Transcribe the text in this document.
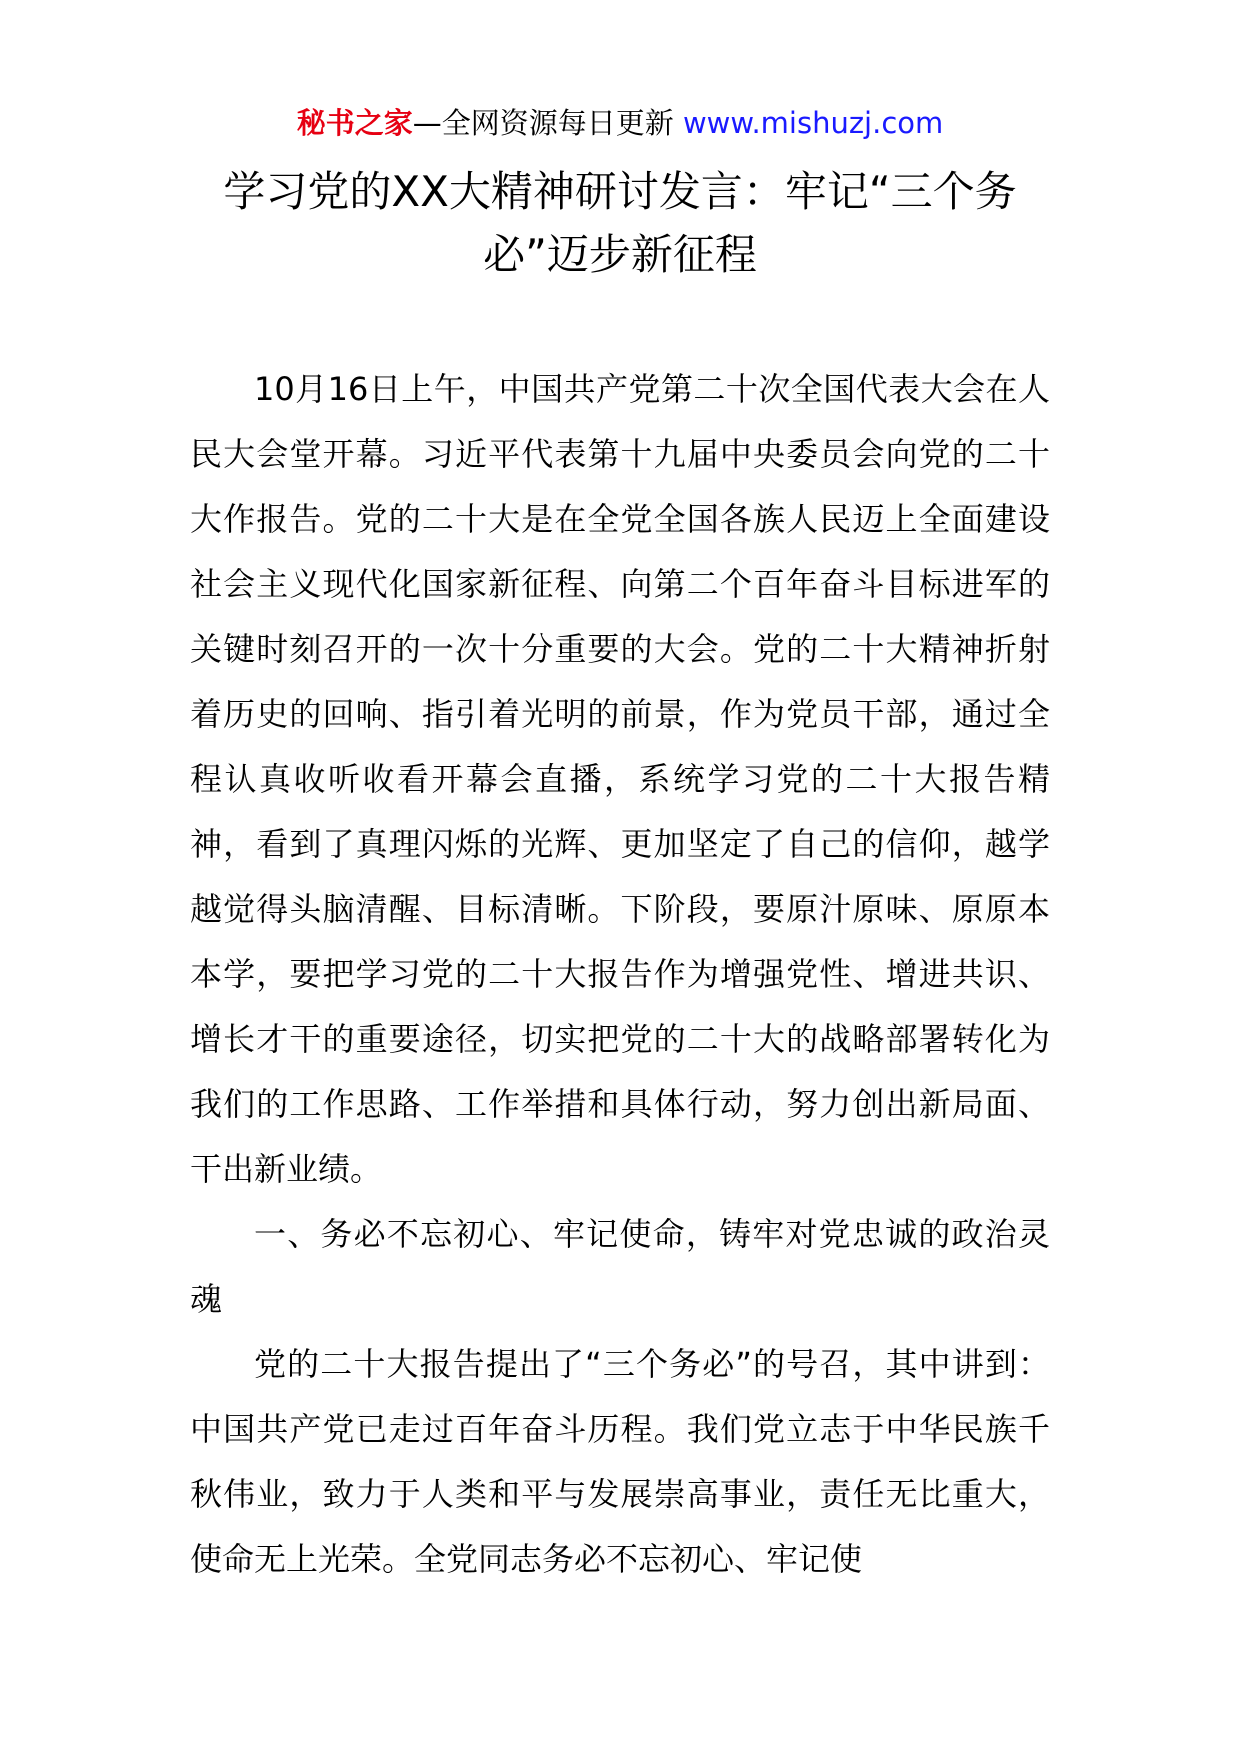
秘书之家—全网资源每日更新 www.mishuzj.com
学习党的XX大精神研讨发言：牢记“三个务必”迈步新征程

10月16日上午，中国共产党第二十次全国代表大会在人民大会堂开幕。习近平代表第十九届中央委员会向党的二十大作报告。党的二十大是在全党全国各族人民迈上全面建设社会主义现代化国家新征程、向第二个百年奋斗目标进军的关键时刻召开的一次十分重要的大会。党的二十大精神折射着历史的回响、指引着光明的前景，作为党员干部，通过全程认真收听收看开幕会直播，系统学习党的二十大报告精神，看到了真理闪烁的光辉、更加坚定了自己的信仰，越学越觉得头脑清醒、目标清晰。下阶段，要原汁原味、原原本本学，要把学习党的二十大报告作为增强党性、增进共识、增长才干的重要途径，切实把党的二十大的战略部署转化为我们的工作思路、工作举措和具体行动，努力创出新局面、干出新业绩。

一、务必不忘初心、牢记使命，铸牢对党忠诚的政治灵魂

党的二十大报告提出了“三个务必”的号召，其中讲到：中国共产党已走过百年奋斗历程。我们党立志于中华民族千秋伟业，致力于人类和平与发展崇高事业，责任无比重大，使命无上光荣。全党同志务必不忘初心、牢记使
